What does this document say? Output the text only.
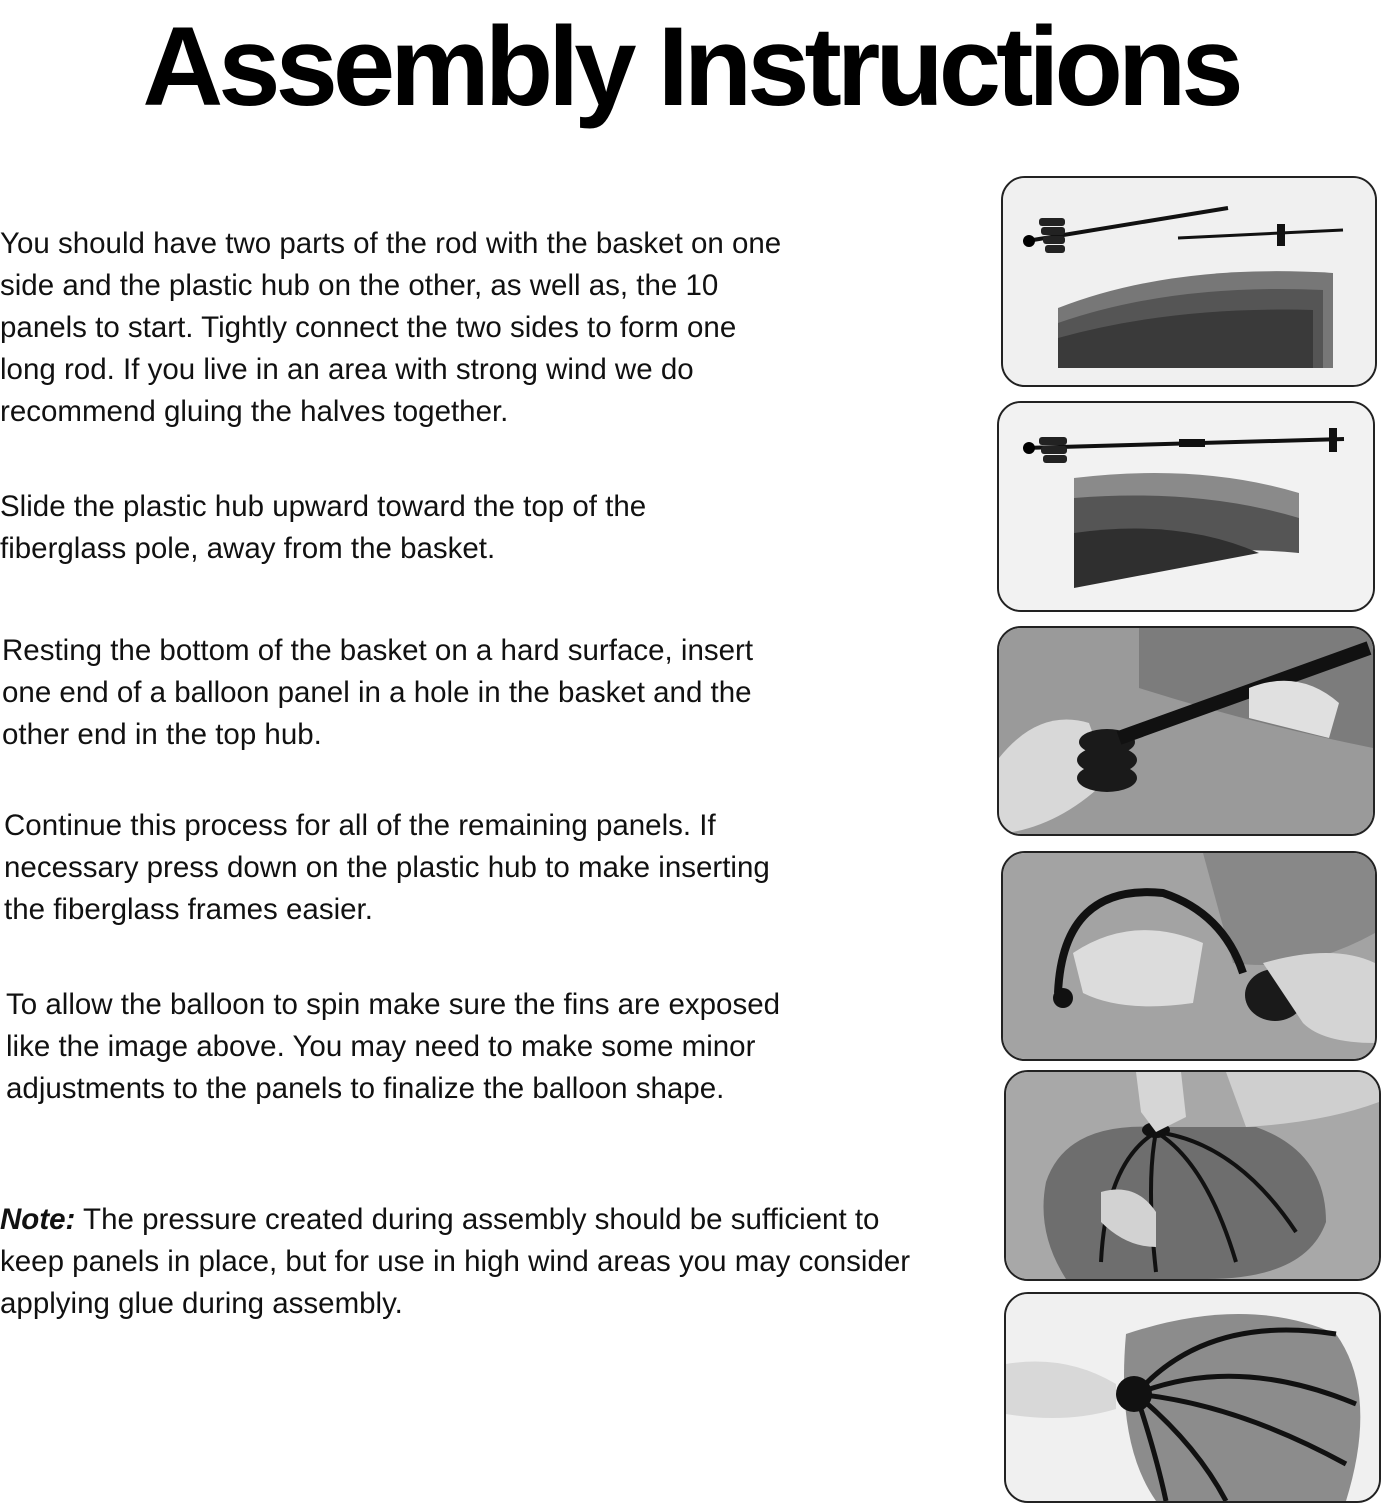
Assembly Instructions

You should have two parts of the rod with the basket on one side and the plastic hub on the other, as well as, the 10 panels to start. Tightly connect the two sides to form one long rod. If you live in an area with strong wind we do recommend gluing the halves together.

Slide the plastic hub upward toward the top of the fiberglass pole, away from the basket.

Resting the bottom of the basket on a hard surface, insert one end of a balloon panel in a hole in the basket and the other end in the top hub.

Continue this process for all of the remaining panels. If necessary press down on the plastic hub to make inserting the fiberglass frames easier.

To allow the balloon to spin make sure the fins are exposed like the image above. You may need to make some minor adjustments to the panels to finalize the balloon shape.

Note: The pressure created during assembly should be sufficient to keep panels in place, but for use in high wind areas you may consider applying glue during assembly.
